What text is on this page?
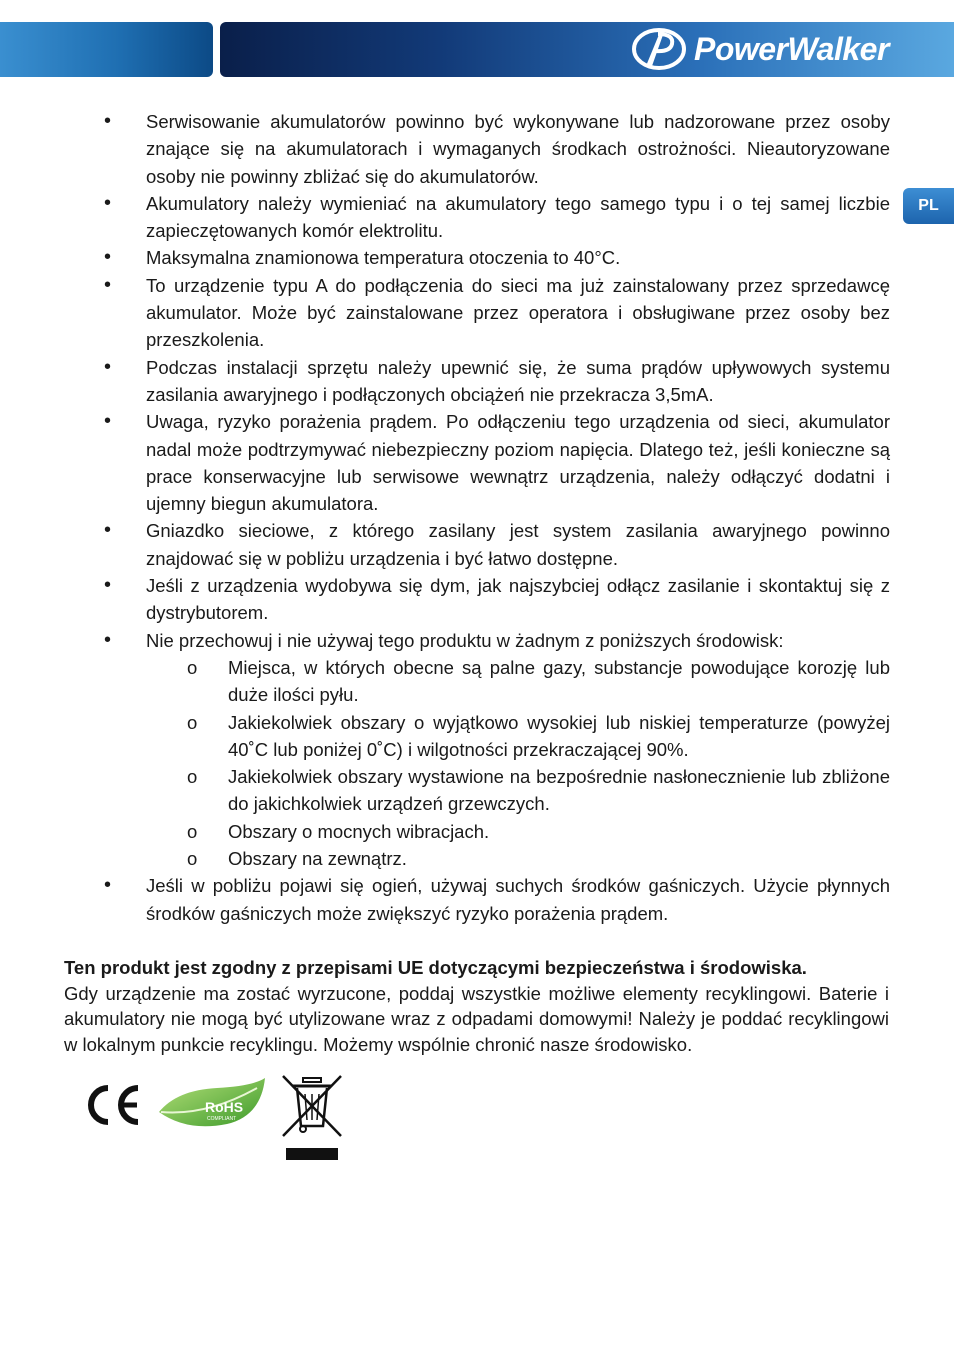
PowerWalker
PL
• Serwisowanie akumulatorów powinno być wykonywane lub nadzorowane przez osoby znające się na akumulatorach i wymaganych środkach ostrożności. Nieautoryzowane osoby nie powinny zbliżać się do akumulatorów.
• Akumulatory należy wymieniać na akumulatory tego samego typu i o tej samej liczbie zapieczętowanych komór elektrolitu.
• Maksymalna znamionowa temperatura otoczenia to 40°C.
• To urządzenie typu A do podłączenia do sieci ma już zainstalowany przez sprzedawcę akumulator. Może być zainstalowane przez operatora i obsługiwane przez osoby bez przeszkolenia.
• Podczas instalacji sprzętu należy upewnić się, że suma prądów upływowych systemu zasilania awaryjnego i podłączonych obciążeń nie przekracza 3,5mA.
• Uwaga, ryzyko porażenia prądem. Po odłączeniu tego urządzenia od sieci, akumulator nadal może podtrzymywać niebezpieczny poziom napięcia. Dlatego też, jeśli konieczne są prace konserwacyjne lub serwisowe wewnątrz urządzenia, należy odłączyć dodatni i ujemny biegun akumulatora.
• Gniazdko sieciowe, z którego zasilany jest system zasilania awaryjnego powinno znajdować się w pobliżu urządzenia i być łatwo dostępne.
• Jeśli z urządzenia wydobywa się dym, jak najszybciej odłącz zasilanie i skontaktuj się z dystrybutorem.
• Nie przechowuj i nie używaj tego produktu w żadnym z poniższych środowisk:
o Miejsca, w których obecne są palne gazy, substancje powodujące korozję lub duże ilości pyłu.
o Jakiekolwiek obszary o wyjątkowo wysokiej lub niskiej temperaturze (powyżej 40˚C lub poniżej 0˚C) i wilgotności przekraczającej 90%.
o Jakiekolwiek obszary wystawione na bezpośrednie nasłonecznienie lub zbliżone do jakichkolwiek urządzeń grzewczych.
o Obszary o mocnych wibracjach.
o Obszary na zewnątrz.
• Jeśli w pobliżu pojawi się ogień, używaj suchych środków gaśniczych. Użycie płynnych środków gaśniczych może zwiększyć ryzyko porażenia prądem.
Ten produkt jest zgodny z przepisami UE dotyczącymi bezpieczeństwa i środowiska.
Gdy urządzenie ma zostać wyrzucone, poddaj wszystkie możliwe elementy recyklingowi. Baterie i akumulatory nie mogą być utylizowane wraz z odpadami domowymi! Należy je poddać recyklingowi w lokalnym punkcie recyklingu. Możemy wspólnie chronić nasze środowisko.
RoHS
COMPLIANT
